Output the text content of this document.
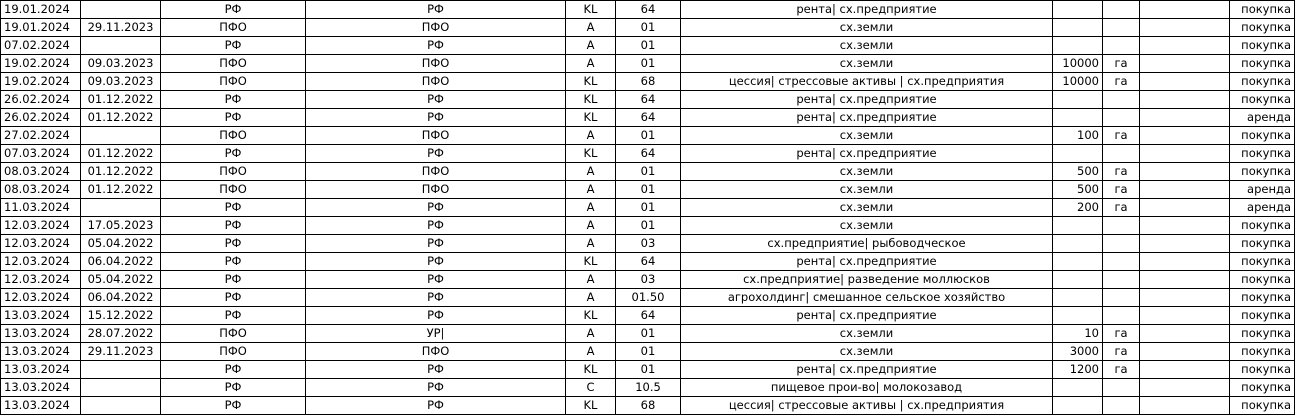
19.01.2024		РФ	РФ	KL	64	рента| сх.предприятие				покупка
19.01.2024	29.11.2023	ПФО	ПФО	A	01	сх.земли				покупка
07.02.2024		РФ	РФ	A	01	сх.земли				покупка
19.02.2024	09.03.2023	ПФО	ПФО	A	01	сх.земли	10000	га		покупка
19.02.2024	09.03.2023	ПФО	ПФО	KL	68	цессия| стрессовые активы | сх.предприятия	10000	га		покупка
26.02.2024	01.12.2022	РФ	РФ	KL	64	рента| сх.предприятие				покупка
26.02.2024	01.12.2022	РФ	РФ	KL	64	рента| сх.предприятие				аренда
27.02.2024		ПФО	ПФО	A	01	сх.земли	100	га		покупка
07.03.2024	01.12.2022	РФ	РФ	KL	64	рента| сх.предприятие				покупка
08.03.2024	01.12.2022	ПФО	ПФО	A	01	сх.земли	500	га		покупка
08.03.2024	01.12.2022	ПФО	ПФО	A	01	сх.земли	500	га		аренда
11.03.2024		РФ	РФ	A	01	сх.земли	200	га		аренда
12.03.2024	17.05.2023	РФ	РФ	A	01	сх.земли				покупка
12.03.2024	05.04.2022	РФ	РФ	A	03	сх.предприятие| рыбоводческое				покупка
12.03.2024	06.04.2022	РФ	РФ	KL	64	рента| сх.предприятие				покупка
12.03.2024	05.04.2022	РФ	РФ	A	03	сх.предприятие| разведение моллюсков				покупка
12.03.2024	06.04.2022	РФ	РФ	A	01.50	агрохолдинг| смешанное сельское хозяйство				покупка
13.03.2024	15.12.2022	РФ	РФ	KL	64	рента| сх.предприятие				покупка
13.03.2024	28.07.2022	ПФО	УР|	A	01	сх.земли	10	га		покупка
13.03.2024	29.11.2023	ПФО	ПФО	A	01	сх.земли	3000	га		покупка
13.03.2024		РФ	РФ	KL	01	рента| сх.предприятие	1200	га		покупка
13.03.2024		РФ	РФ	C	10.5	пищевое прои-во| молокозавод				покупка
13.03.2024		РФ	РФ	KL	68	цессия| стрессовые активы | сх.предприятия				покупка
